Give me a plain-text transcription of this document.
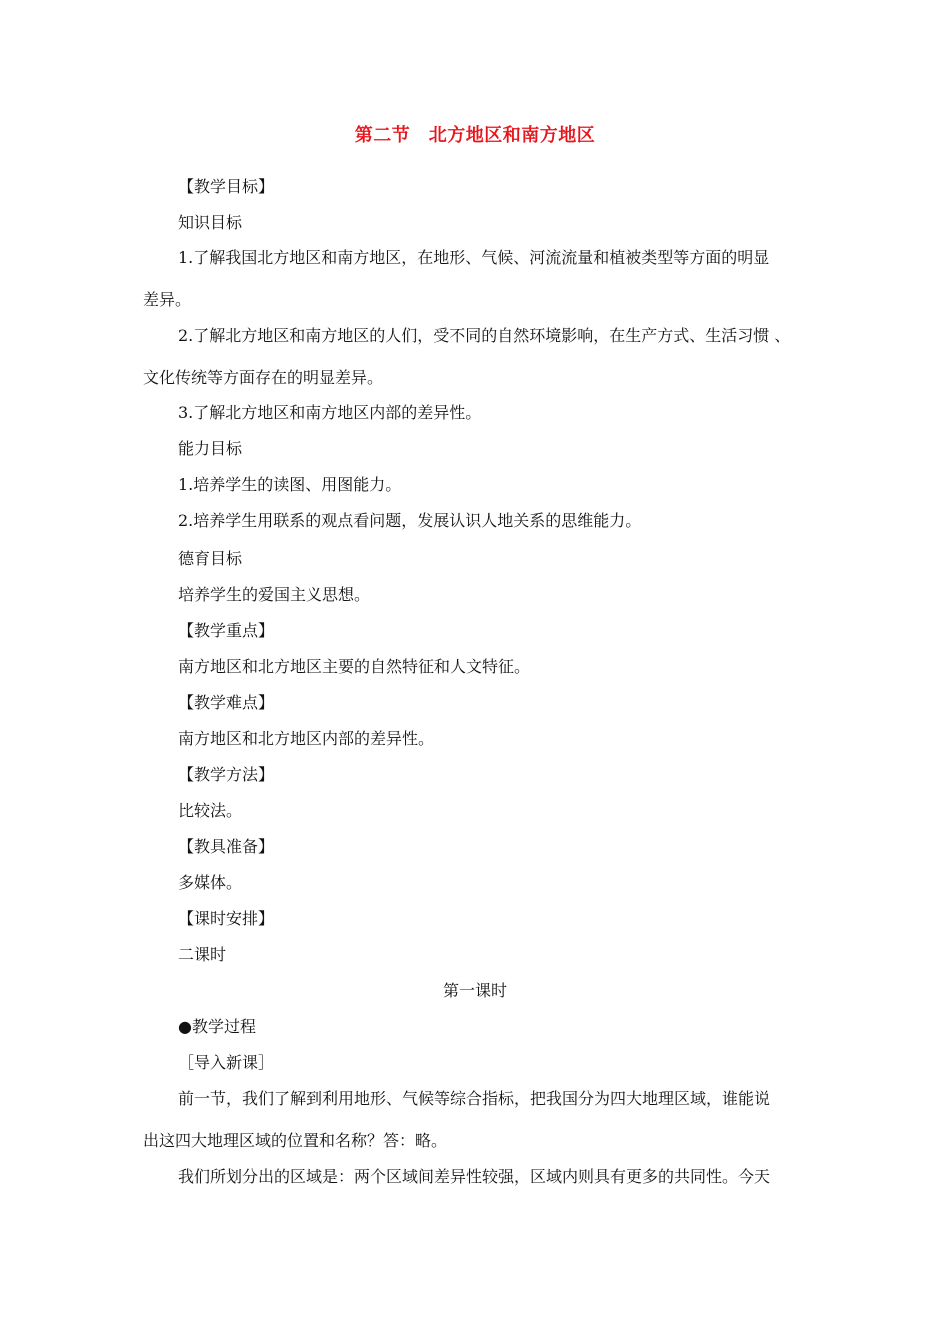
第二节　北方地区和南方地区
【教学目标】
知识目标
1.了解我国北方地区和南方地区，在地形、气候、河流流量和植被类型等方面的明显
差异。
2.了解北方地区和南方地区的人们，受不同的自然环境影响，在生产方式、生活习惯 、
文化传统等方面存在的明显差异。
3.了解北方地区和南方地区内部的差异性。
能力目标
1.培养学生的读图、用图能力。
2.培养学生用联系的观点看问题，发展认识人地关系的思维能力。
德育目标
培养学生的爱国主义思想。
【教学重点】
南方地区和北方地区主要的自然特征和人文特征。
【教学难点】
南方地区和北方地区内部的差异性。
【教学方法】
比较法。
【教具准备】
多媒体。
【课时安排】
二课时
第一课时
●教学过程
［导入新课］
前一节，我们了解到利用地形、气候等综合指标，把我国分为四大地理区域，谁能说
出这四大地理区域的位置和名称？答：略。
我们所划分出的区域是：两个区域间差异性较强，区域内则具有更多的共同性。今天
